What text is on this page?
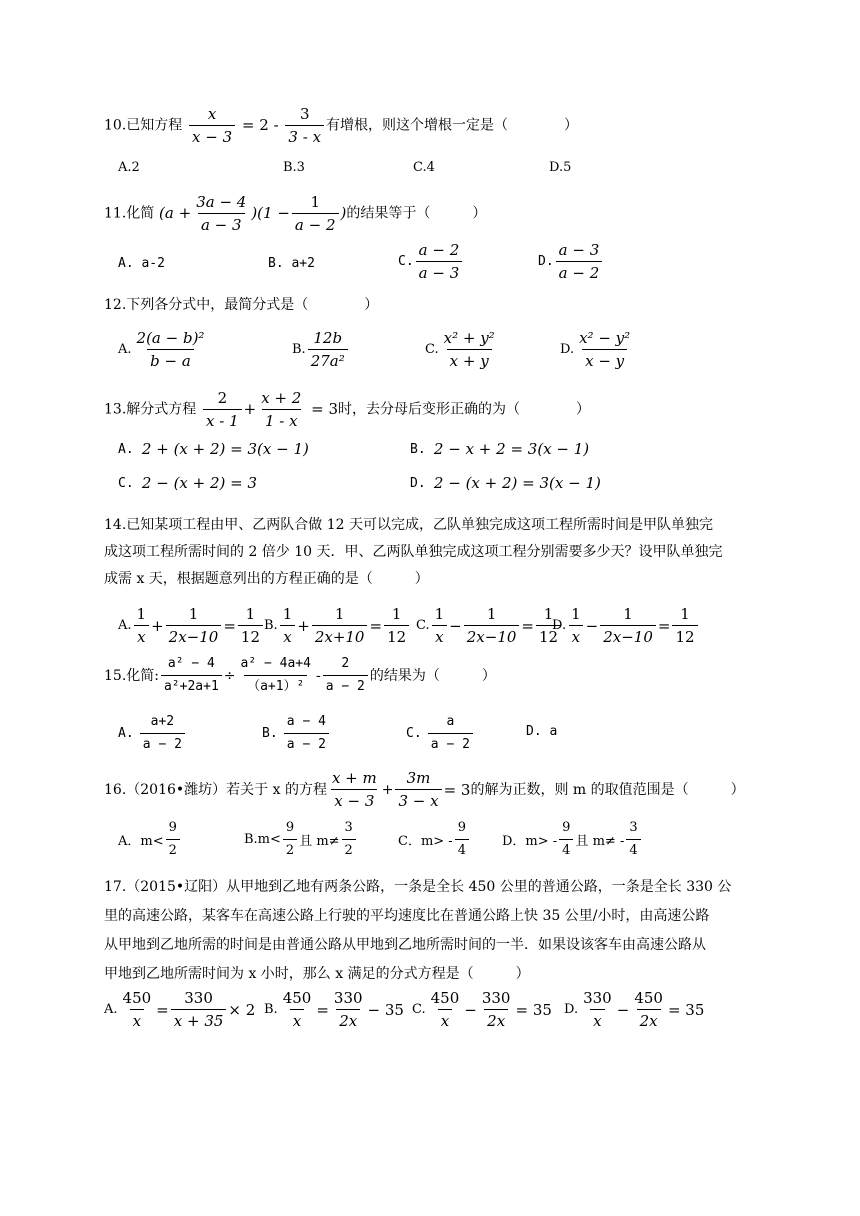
10.已知方程 $\frac{x}{x - 3} = 2 - \frac{3}{3 - x}$ 有增根，则这个增根一定是（　　　　）
A.2	B.3	C.4	D.5
11.化简 $(a + \frac{3a - 4}{a - 3} )(1 - \frac{1}{a - 2}$ )的结果等于（　　　）
A. a-2	B. a+2	C. $\frac{a - 2}{a - 3}$	D. $\frac{a - 3}{a - 2}$
12.下列各分式中，最简分式是（　　　　）
A. $\frac{\text{2(a − b)²}}{b - a}$	B. $\frac{12b}{\text{27a²}}$	C. $\frac{\text{x² + y²}}{x + y}$	D. $\frac{\text{x² − y²}}{x - y}$
13.解分式方程 $\frac{2}{x - 1} + \frac{x + 2}{1 - x} = 3$时，去分母后变形正确的为（　　　　）
A.
2 + (x + 2) = 3(x − 1)	B.
2 − x + 2 = 3(x − 1)
C.
2 − (x + 2) = 3	D.
2 − (x + 2) = 3(x − 1)
14.已知某项工程由甲、乙两队合做 12 天可以完成，乙队单独完成这项工程所需时间是甲队单独完
成这项工程所需时间的 2 倍少 10 天．甲、乙两队单独完成这项工程分别需要多少天？设甲队单独完
成需 x 天，根据题意列出的方程正确的是（　　　）
A. $\frac{1}{x} + \frac{1}{2x-10} = \frac{1}{12} B$. $\frac{1}{x} + \frac{1}{2x+10} = \frac{1}{12} C$. $\frac{1}{x} - \frac{1}{2x-10} = \frac{1}{12}$
D. $\frac{1}{x} - \frac{1}{2x-10} = \frac{1}{12}$
15.化简: $\frac{\text{a² − 4}}{\text{a²+2a+1}} \div \frac{\text{a² − 4a+4}}{\text{（a+1）²}} - \frac{2}{a - 2}$ 的结果为（　　　）
A.
$\frac{a+2}{a - 2}$	B.
$\frac{a - 4}{a - 2}$	C.
$\frac{a}{a - 2}$	D. a
16.（2016•潍坊）若关于 x 的方程 $\frac{x + m}{x - 3} + \frac{3m}{3 - x} = 3$ 的解为正数，则 m 的取值范围是（　　　）
A．$m< \frac{9}{2}$	$B.m< \frac{9}{2}$ 且 $m\ne \frac{3}{2}$	C．$m> - \frac{9}{4}$	D．$m> - \frac{9}{4}$ 且 $m\ne - \frac{3}{4}$
17.（2015•辽阳）从甲地到乙地有两条公路，一条是全长 450 公里的普通公路，一条是全长 330 公
里的高速公路，某客车在高速公路上行驶的平均速度比在普通公路上快 35 公里/小时，由高速公路
从甲地到乙地所需的时间是由普通公路从甲地到乙地所需时间的一半．如果设该客车由高速公路从
甲地到乙地所需时间为 x 小时，那么 x 满足的分式方程是（　　　）
A. $\frac{450}{x} = \frac{330}{x + 35} \times 2$ B. $\frac{450}{x} = \frac{330}{2x} - 35$ C. $\frac{450}{x} - \frac{330}{2x} = 35$ D. $\frac{330}{x} - \frac{450}{2x} = 35$
